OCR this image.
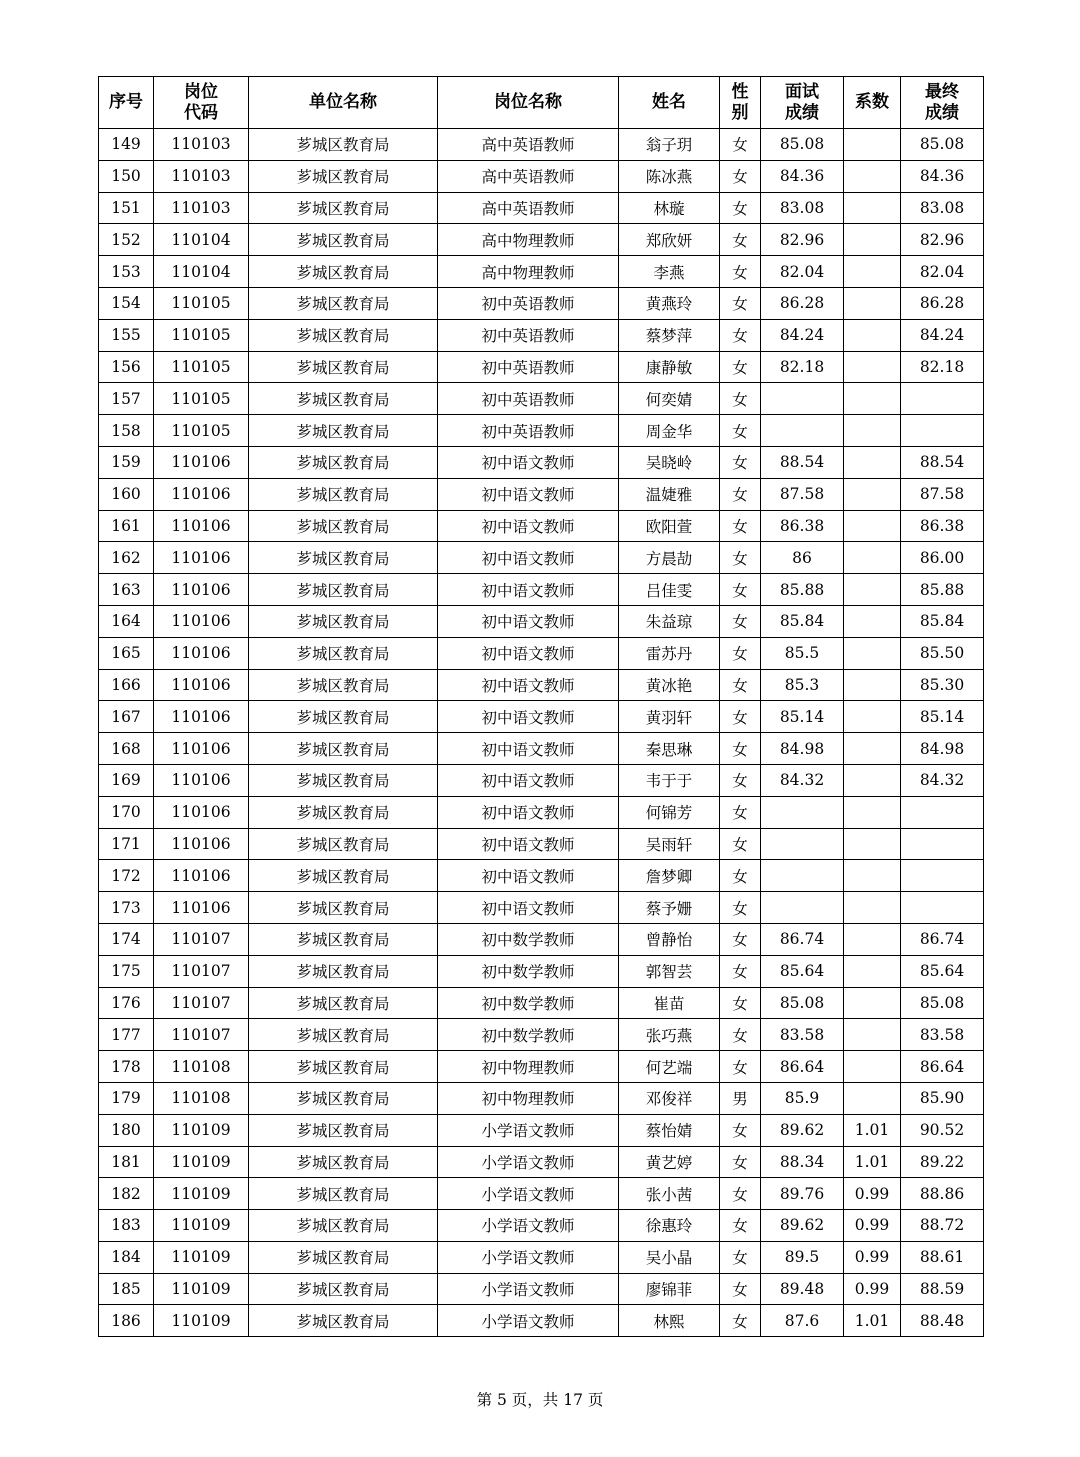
序号	岗位代码	单位名称	岗位名称	姓名	性别	面试成绩	系数	最终成绩
149	110103	芗城区教育局	高中英语教师	翁子玥	女	85.08		85.08
150	110103	芗城区教育局	高中英语教师	陈冰燕	女	84.36		84.36
151	110103	芗城区教育局	高中英语教师	林璇	女	83.08		83.08
152	110104	芗城区教育局	高中物理教师	郑欣妍	女	82.96		82.96
153	110104	芗城区教育局	高中物理教师	李燕	女	82.04		82.04
154	110105	芗城区教育局	初中英语教师	黄燕玲	女	86.28		86.28
155	110105	芗城区教育局	初中英语教师	蔡梦萍	女	84.24		84.24
156	110105	芗城区教育局	初中英语教师	康静敏	女	82.18		82.18
157	110105	芗城区教育局	初中英语教师	何奕婧	女			
158	110105	芗城区教育局	初中英语教师	周金华	女			
159	110106	芗城区教育局	初中语文教师	吴晓岭	女	88.54		88.54
160	110106	芗城区教育局	初中语文教师	温婕雅	女	87.58		87.58
161	110106	芗城区教育局	初中语文教师	欧阳萱	女	86.38		86.38
162	110106	芗城区教育局	初中语文教师	方晨劼	女	86		86.00
163	110106	芗城区教育局	初中语文教师	吕佳雯	女	85.88		85.88
164	110106	芗城区教育局	初中语文教师	朱益琼	女	85.84		85.84
165	110106	芗城区教育局	初中语文教师	雷苏丹	女	85.5		85.50
166	110106	芗城区教育局	初中语文教师	黄冰艳	女	85.3		85.30
167	110106	芗城区教育局	初中语文教师	黄羽轩	女	85.14		85.14
168	110106	芗城区教育局	初中语文教师	秦思琳	女	84.98		84.98
169	110106	芗城区教育局	初中语文教师	韦于于	女	84.32		84.32
170	110106	芗城区教育局	初中语文教师	何锦芳	女			
171	110106	芗城区教育局	初中语文教师	吴雨轩	女			
172	110106	芗城区教育局	初中语文教师	詹梦卿	女			
173	110106	芗城区教育局	初中语文教师	蔡予姗	女			
174	110107	芗城区教育局	初中数学教师	曾静怡	女	86.74		86.74
175	110107	芗城区教育局	初中数学教师	郭智芸	女	85.64		85.64
176	110107	芗城区教育局	初中数学教师	崔苗	女	85.08		85.08
177	110107	芗城区教育局	初中数学教师	张巧燕	女	83.58		83.58
178	110108	芗城区教育局	初中物理教师	何艺端	女	86.64		86.64
179	110108	芗城区教育局	初中物理教师	邓俊祥	男	85.9		85.90
180	110109	芗城区教育局	小学语文教师	蔡怡婧	女	89.62	1.01	90.52
181	110109	芗城区教育局	小学语文教师	黄艺婷	女	88.34	1.01	89.22
182	110109	芗城区教育局	小学语文教师	张小茜	女	89.76	0.99	88.86
183	110109	芗城区教育局	小学语文教师	徐惠玲	女	89.62	0.99	88.72
184	110109	芗城区教育局	小学语文教师	吴小晶	女	89.5	0.99	88.61
185	110109	芗城区教育局	小学语文教师	廖锦菲	女	89.48	0.99	88.59
186	110109	芗城区教育局	小学语文教师	林熙	女	87.6	1.01	88.48
第 5 页，共 17 页
